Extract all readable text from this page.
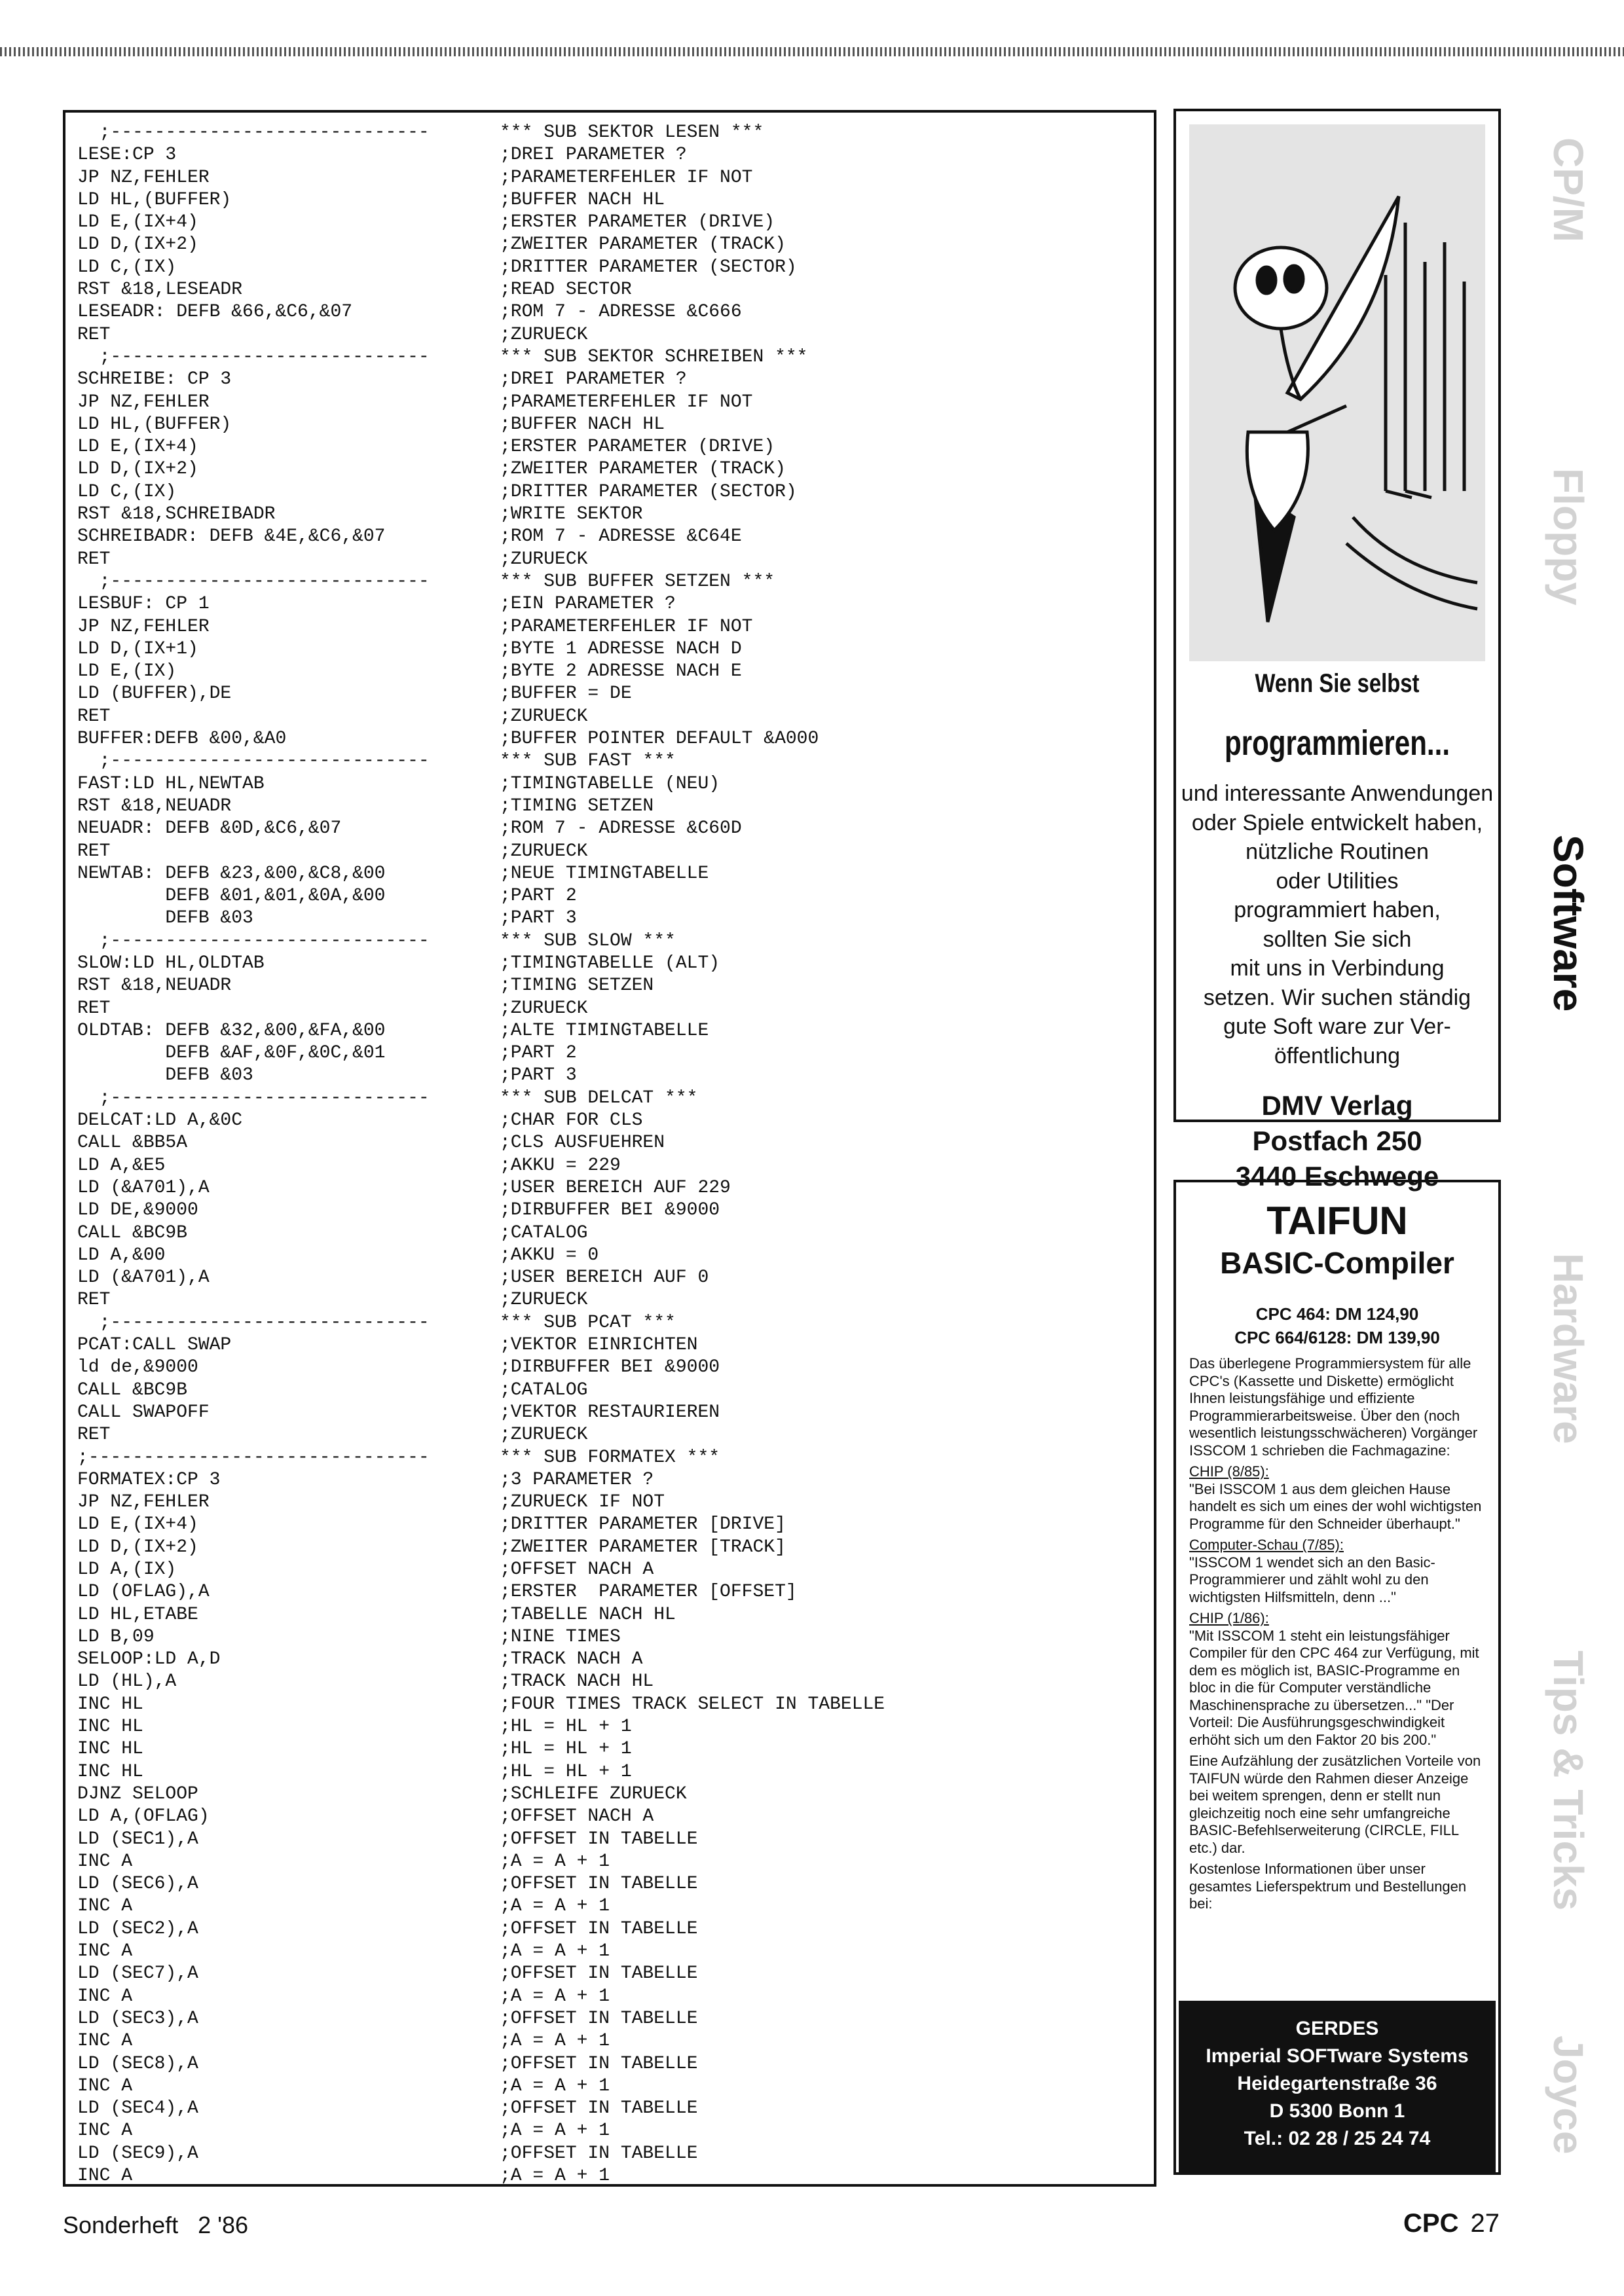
;-----------------------------	*** SUB SEKTOR LESEN ***
LESE:CP 3	;DREI PARAMETER ?
JP NZ,FEHLER	;PARAMETERFEHLER IF NOT
LD HL,(BUFFER)	;BUFFER NACH HL
LD E,(IX+4)	;ERSTER PARAMETER (DRIVE)
LD D,(IX+2)	;ZWEITER PARAMETER (TRACK)
LD C,(IX)	;DRITTER PARAMETER (SECTOR)
RST &18,LESEADR	;READ SECTOR
LESEADR: DEFB &66,&C6,&07	;ROM 7 - ADRESSE &C666
RET	;ZURUECK
;-----------------------------	*** SUB SEKTOR SCHREIBEN ***
SCHREIBE: CP 3	;DREI PARAMETER ?
JP NZ,FEHLER	;PARAMETERFEHLER IF NOT
LD HL,(BUFFER)	;BUFFER NACH HL
LD E,(IX+4)	;ERSTER PARAMETER (DRIVE)
LD D,(IX+2)	;ZWEITER PARAMETER (TRACK)
LD C,(IX)	;DRITTER PARAMETER (SECTOR)
RST &18,SCHREIBADR	;WRITE SEKTOR
SCHREIBADR: DEFB &4E,&C6,&07	;ROM 7 - ADRESSE &C64E
RET	;ZURUECK
;-----------------------------	*** SUB BUFFER SETZEN ***
LESBUF: CP 1	;EIN PARAMETER ?
JP NZ,FEHLER	;PARAMETERFEHLER IF NOT
LD D,(IX+1)	;BYTE 1 ADRESSE NACH D
LD E,(IX)	;BYTE 2 ADRESSE NACH E
LD (BUFFER),DE	;BUFFER = DE
RET	;ZURUECK
BUFFER:DEFB &00,&A0	;BUFFER POINTER DEFAULT &A000
;-----------------------------	*** SUB FAST ***
FAST:LD HL,NEWTAB	;TIMINGTABELLE (NEU)
RST &18,NEUADR	;TIMING SETZEN
NEUADR: DEFB &0D,&C6,&07	;ROM 7 - ADRESSE &C60D
RET	;ZURUECK
NEWTAB: DEFB &23,&00,&C8,&00	;NEUE TIMINGTABELLE
DEFB &01,&01,&0A,&00	;PART 2
DEFB &03	;PART 3
;-----------------------------	*** SUB SLOW ***
SLOW:LD HL,OLDTAB	;TIMINGTABELLE (ALT)
RST &18,NEUADR	;TIMING SETZEN
RET	;ZURUECK
OLDTAB: DEFB &32,&00,&FA,&00	;ALTE TIMINGTABELLE
DEFB &AF,&0F,&0C,&01	;PART 2
DEFB &03	;PART 3
;-----------------------------	*** SUB DELCAT ***
DELCAT:LD A,&0C	;CHAR FOR CLS
CALL &BB5A	;CLS AUSFUEHREN
LD A,&E5	;AKKU = 229
LD (&A701),A	;USER BEREICH AUF 229
LD DE,&9000	;DIRBUFFER BEI &9000
CALL &BC9B	;CATALOG
LD A,&00	;AKKU = 0
LD (&A701),A	;USER BEREICH AUF 0
RET	;ZURUECK
;-----------------------------	*** SUB PCAT ***
PCAT:CALL SWAP	;VEKTOR EINRICHTEN
ld de,&9000	;DIRBUFFER BEI &9000
CALL &BC9B	;CATALOG
CALL SWAPOFF	;VEKTOR RESTAURIEREN
RET	;ZURUECK
;-------------------------------	*** SUB FORMATEX ***
FORMATEX:CP 3	;3 PARAMETER ?
JP NZ,FEHLER	;ZURUECK IF NOT
LD E,(IX+4)	;DRITTER PARAMETER [DRIVE]
LD D,(IX+2)	;ZWEITER PARAMETER [TRACK]
LD A,(IX)	;OFFSET NACH A
LD (OFLAG),A	;ERSTER  PARAMETER [OFFSET]
LD HL,ETABE	;TABELLE NACH HL
LD B,09	;NINE TIMES
SELOOP:LD A,D	;TRACK NACH A
LD (HL),A	;TRACK NACH HL
INC HL	;FOUR TIMES TRACK SELECT IN TABELLE
INC HL	;HL = HL + 1
INC HL	;HL = HL + 1
INC HL	;HL = HL + 1
DJNZ SELOOP	;SCHLEIFE ZURUECK
LD A,(OFLAG)	;OFFSET NACH A
LD (SEC1),A	;OFFSET IN TABELLE
INC A	;A = A + 1
LD (SEC6),A	;OFFSET IN TABELLE
INC A	;A = A + 1
LD (SEC2),A	;OFFSET IN TABELLE
INC A	;A = A + 1
LD (SEC7),A	;OFFSET IN TABELLE
INC A	;A = A + 1
LD (SEC3),A	;OFFSET IN TABELLE
INC A	;A = A + 1
LD (SEC8),A	;OFFSET IN TABELLE
INC A	;A = A + 1
LD (SEC4),A	;OFFSET IN TABELLE
INC A	;A = A + 1
LD (SEC9),A	;OFFSET IN TABELLE
INC A	;A = A + 1
Wenn Sie selbst
programmieren...
und interessante Anwendungen
oder Spiele entwickelt haben,
nützliche Routinen
oder Utilities
programmiert haben,
sollten Sie sich
mit uns in Verbindung
setzen. Wir suchen ständig
gute Soft ware zur Ver-
öffentlichung
DMV Verlag
Postfach 250
3440 Eschwege
TAIFUN
BASIC-Compiler
CPC 464: DM 124,90
CPC 664/6128: DM 139,90

Das überlegene Programmiersystem für alle CPC's (Kassette und Diskette) ermöglicht Ihnen leistungsfähige und effiziente Programmierarbeitsweise. Über den (noch wesentlich leistungsschwächeren) Vorgänger ISSCOM 1 schrieben die Fachmagazine:

CHIP (8/85):

"Bei ISSCOM 1 aus dem gleichen Hause handelt es sich um eines der wohl wichtigsten Programme für den Schneider überhaupt."

Computer-Schau (7/85):

"ISSCOM 1 wendet sich an den Basic-Programmierer und zählt wohl zu den wichtigsten Hilfsmitteln, denn ..."

CHIP (1/86):

"Mit ISSCOM 1 steht ein leistungsfähiger Compiler für den CPC 464 zur Verfügung, mit dem es möglich ist, BASIC-Programme en bloc in die für Computer verständliche Maschinensprache zu übersetzen..." "Der Vorteil: Die Ausführungsgeschwindigkeit erhöht sich um den Faktor 20 bis 200."

Eine Aufzählung der zusätzlichen Vorteile von TAIFUN würde den Rahmen dieser Anzeige bei weitem sprengen, denn er stellt nun gleichzeitig noch eine sehr umfangreiche BASIC-Befehlserweiterung (CIRCLE, FILL etc.) dar.

Kostenlose Informationen über unser gesamtes Lieferspektrum und Bestellungen bei:

GERDES
Imperial SOFTware Systems
Heidegartenstraße 36
D 5300 Bonn 1
Tel.: 02 28 / 25 24 74
CP/M
Floppy
Software
Hardware
Tips & Tricks
Joyce
Sonderheft   2 '86	CPC 27
